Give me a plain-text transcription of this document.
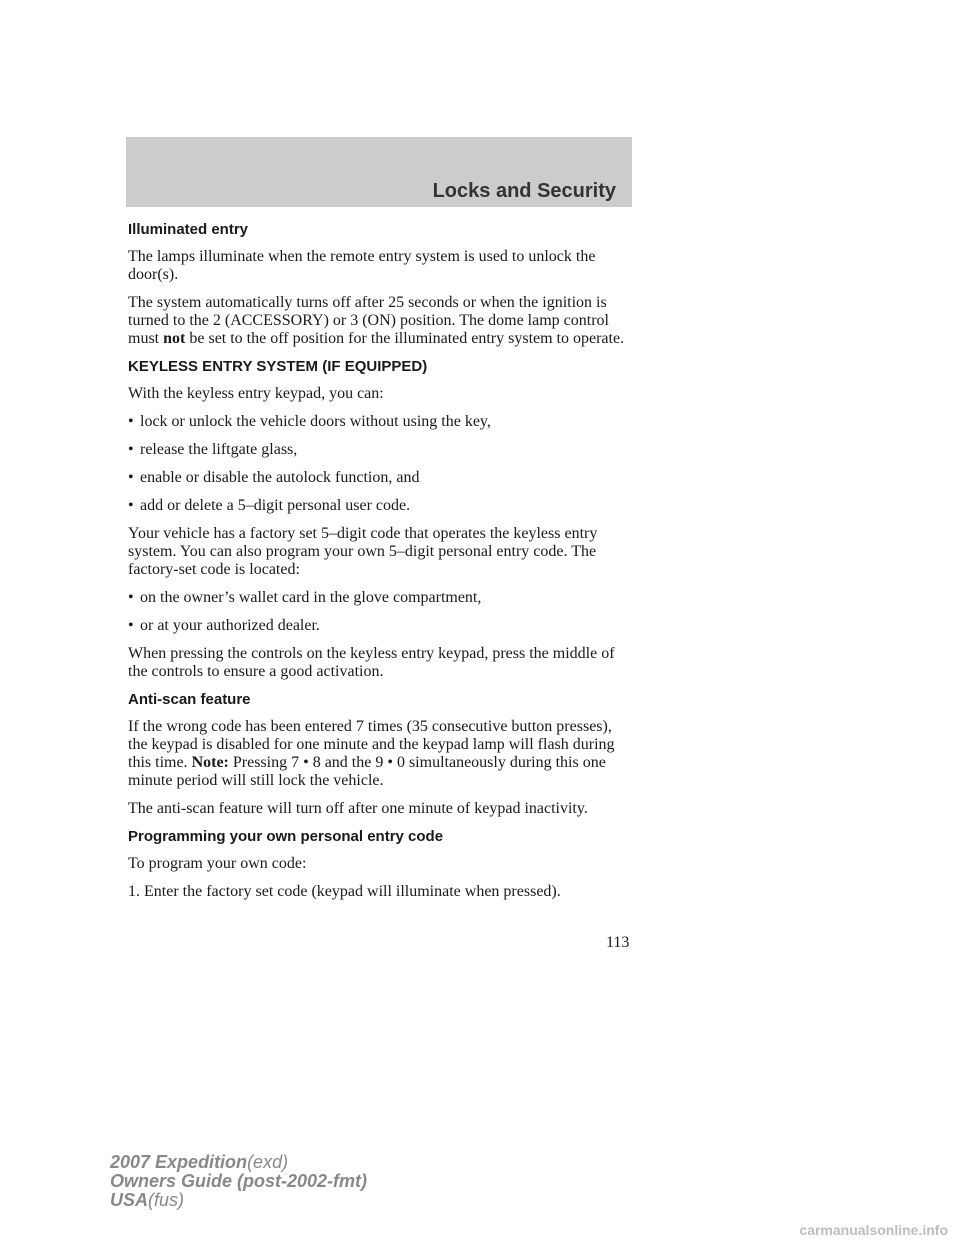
Locks and Security
Illuminated entry

The lamps illuminate when the remote entry system is used to unlock the door(s).

The system automatically turns off after 25 seconds or when the ignition is turned to the 2 (ACCESSORY) or 3 (ON) position. The dome lamp control must not be set to the off position for the illuminated entry system to operate.

KEYLESS ENTRY SYSTEM (IF EQUIPPED)

With the keyless entry keypad, you can:

• lock or unlock the vehicle doors without using the key,
• release the liftgate glass,
• enable or disable the autolock function, and
• add or delete a 5–digit personal user code.

Your vehicle has a factory set 5–digit code that operates the keyless entry system. You can also program your own 5–digit personal entry code. The factory-set code is located:

• on the owner’s wallet card in the glove compartment,
• or at your authorized dealer.

When pressing the controls on the keyless entry keypad, press the middle of the controls to ensure a good activation.

Anti-scan feature

If the wrong code has been entered 7 times (35 consecutive button presses), the keypad is disabled for one minute and the keypad lamp will flash during this time. Note: Pressing 7 • 8 and the 9 • 0 simultaneously during this one minute period will still lock the vehicle.

The anti-scan feature will turn off after one minute of keypad inactivity.

Programming your own personal entry code

To program your own code:

1. Enter the factory set code (keypad will illuminate when pressed).

113
2007 Expedition(exd)
Owners Guide (post-2002-fmt)
USA(fus)
carmanualsonline.info
